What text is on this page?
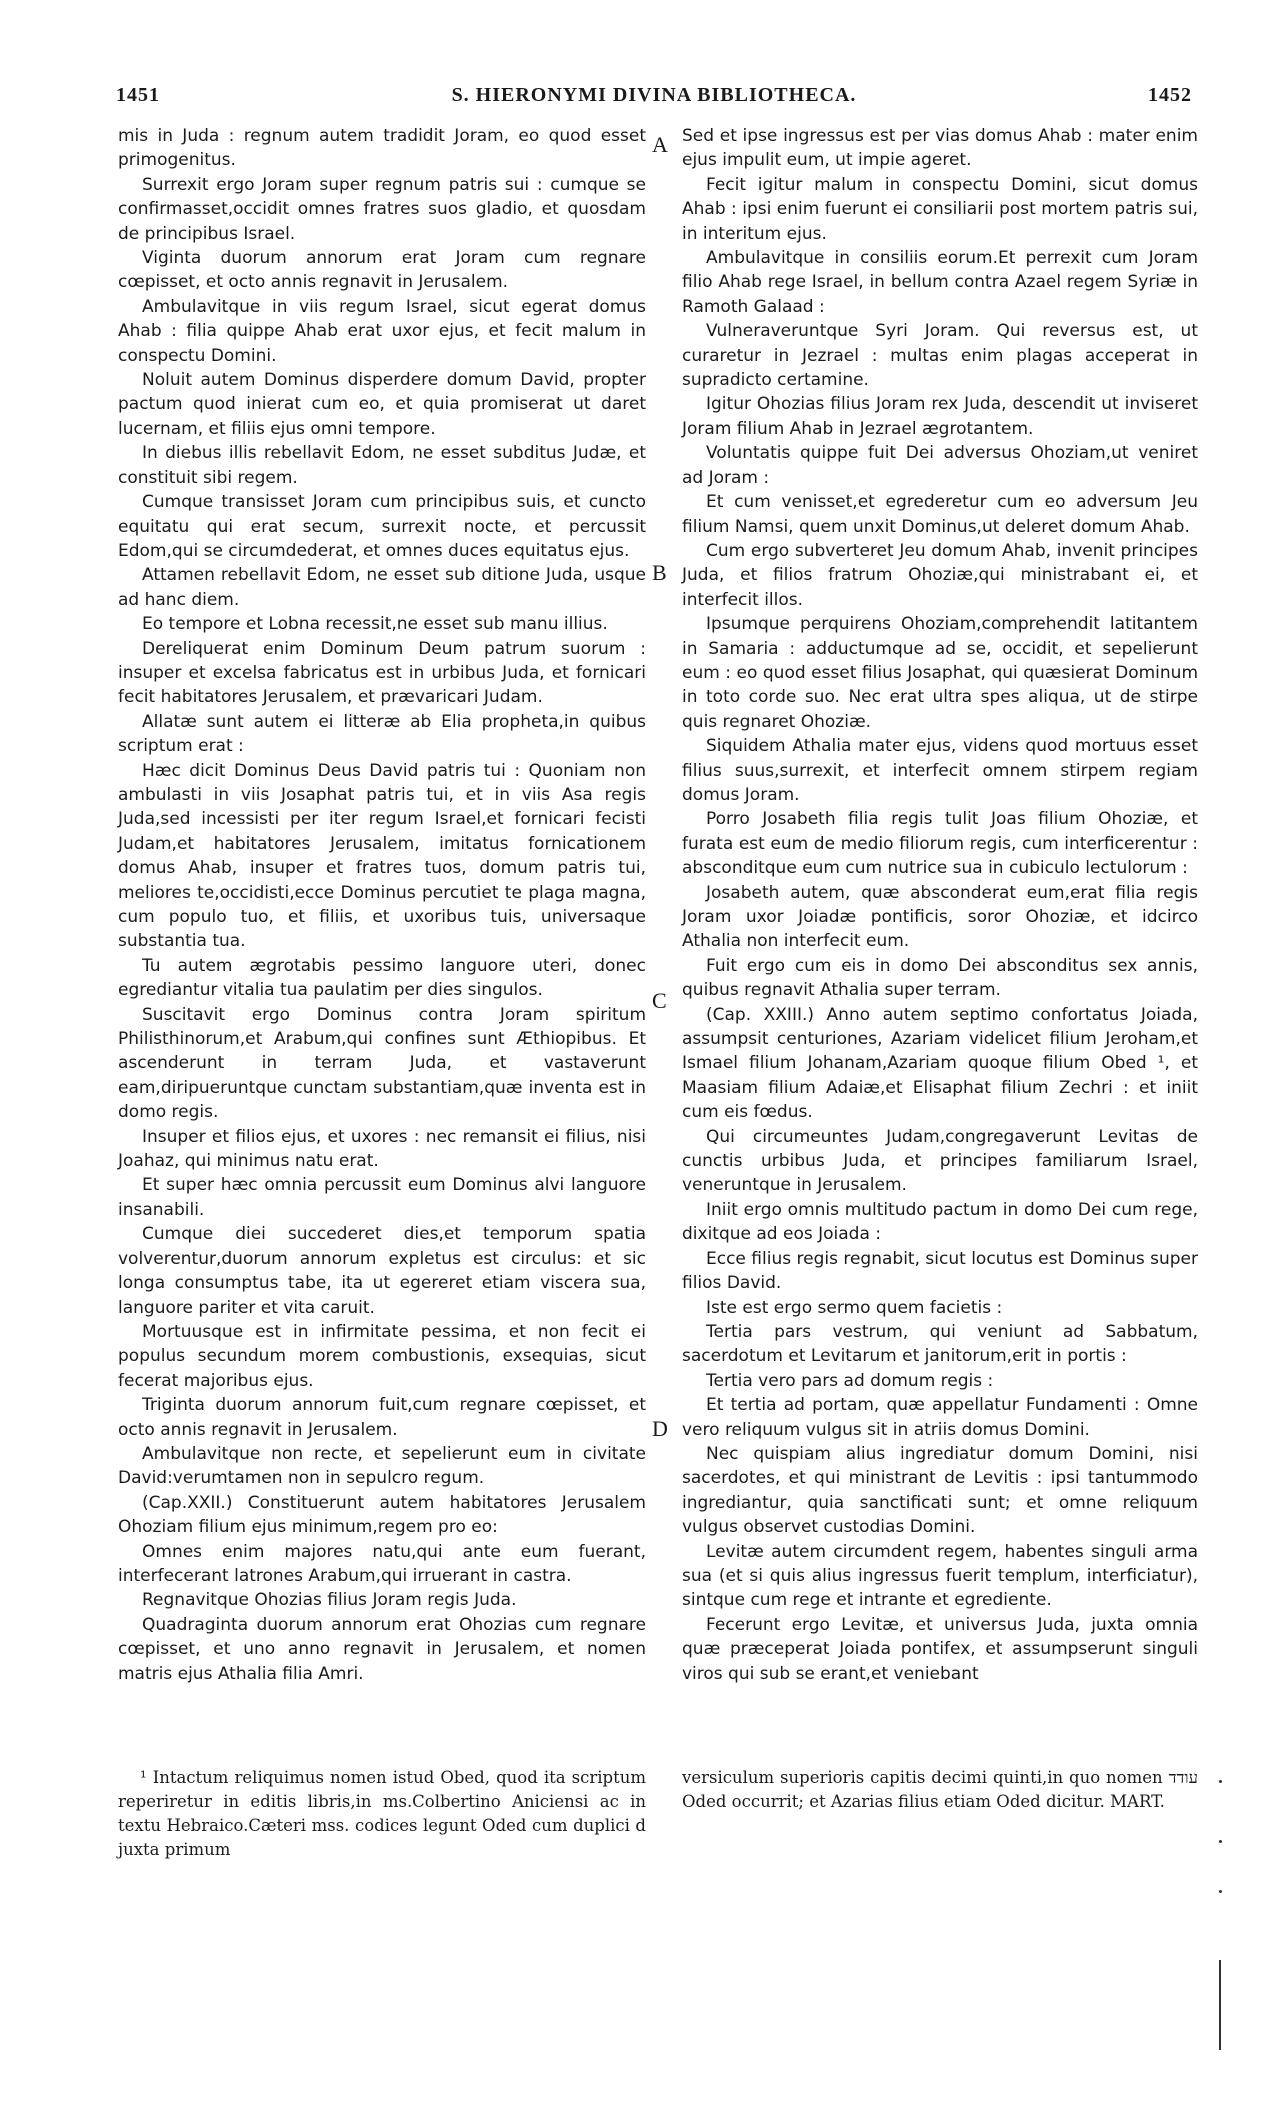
1451	S. HIERONYMI DIVINA BIBLIOTHECA.	1452

mis in Juda : regnum autem tradidit Joram, eo quod esset primogenitus.

Surrexit ergo Joram super regnum patris sui : cumque se confirmasset,occidit omnes fratres suos gladio, et quosdam de principibus Israel.

Viginta duorum annorum erat Joram cum regnare cœpisset, et octo annis regnavit in Jerusalem.

Ambulavitque in viis regum Israel, sicut egerat domus Ahab : filia quippe Ahab erat uxor ejus, et fecit malum in conspectu Domini.

Noluit autem Dominus disperdere domum David, propter pactum quod inierat cum eo, et quia promiserat ut daret lucernam, et filiis ejus omni tempore.

In diebus illis rebellavit Edom, ne esset subditus Judæ, et constituit sibi regem.

Cumque transisset Joram cum principibus suis, et cuncto equitatu qui erat secum, surrexit nocte, et percussit Edom,qui se circumdederat, et omnes duces equitatus ejus.

Attamen rebellavit Edom, ne esset sub ditione Juda, usque ad hanc diem.

Eo tempore et Lobna recessit,ne esset sub manu illius.

Dereliquerat enim Dominum Deum patrum suorum : insuper et excelsa fabricatus est in urbibus Juda, et fornicari fecit habitatores Jerusalem, et prævaricari Judam.

Allatæ sunt autem ei litteræ ab Elia propheta,in quibus scriptum erat :

Hæc dicit Dominus Deus David patris tui : Quoniam non ambulasti in viis Josaphat patris tui, et in viis Asa regis Juda,sed incessisti per iter regum Israel,et fornicari fecisti Judam,et habitatores Jerusalem, imitatus fornicationem domus Ahab, insuper et fratres tuos, domum patris tui, meliores te,occidisti,ecce Dominus percutiet te plaga magna, cum populo tuo, et filiis, et uxoribus tuis, universaque substantia tua.

Tu autem ægrotabis pessimo languore uteri, donec egrediantur vitalia tua paulatim per dies singulos.

Suscitavit ergo Dominus contra Joram spiritum Philisthinorum,et Arabum,qui confines sunt Æthiopibus. Et ascenderunt in terram Juda, et vastaverunt eam,diripueruntque cunctam substantiam,quæ inventa est in domo regis.

Insuper et filios ejus, et uxores : nec remansit ei filius, nisi Joahaz, qui minimus natu erat.

Et super hæc omnia percussit eum Dominus alvi languore insanabili.

Cumque diei succederet dies,et temporum spatia volverentur,duorum annorum expletus est circulus: et sic longa consumptus tabe, ita ut egereret etiam viscera sua, languore pariter et vita caruit.

Mortuusque est in infirmitate pessima, et non fecit ei populus secundum morem combustionis, exsequias, sicut fecerat majoribus ejus.

Triginta duorum annorum fuit,cum regnare cœpisset, et octo annis regnavit in Jerusalem.

Ambulavitque non recte, et sepelierunt eum in civitate David:verumtamen non in sepulcro regum.

(Cap.XXII.) Constituerunt autem habitatores Jerusalem Ohoziam filium ejus minimum,regem pro eo:

Omnes enim majores natu,qui ante eum fuerant, interfecerant latrones Arabum,qui irruerant in castra.

Regnavitque Ohozias filius Joram regis Juda.

Quadraginta duorum annorum erat Ohozias cum regnare cœpisset, et uno anno regnavit in Jerusalem, et nomen matris ejus Athalia filia Amri.

A
B
C
D

Sed et ipse ingressus est per vias domus Ahab : mater enim ejus impulit eum, ut impie ageret.

Fecit igitur malum in conspectu Domini, sicut domus Ahab : ipsi enim fuerunt ei consiliarii post mortem patris sui, in interitum ejus.

Ambulavitque in consiliis eorum.Et perrexit cum Joram filio Ahab rege Israel, in bellum contra Azael regem Syriæ in Ramoth Galaad :

Vulneraveruntque Syri Joram. Qui reversus est, ut curaretur in Jezrael : multas enim plagas acceperat in supradicto certamine.

Igitur Ohozias filius Joram rex Juda, descendit ut inviseret Joram filium Ahab in Jezrael ægrotantem.

Voluntatis quippe fuit Dei adversus Ohoziam,ut veniret ad Joram :

Et cum venisset,et egrederetur cum eo adversum Jeu filium Namsi, quem unxit Dominus,ut deleret domum Ahab.

Cum ergo subverteret Jeu domum Ahab, invenit principes Juda, et filios fratrum Ohoziæ,qui ministrabant ei, et interfecit illos.

Ipsumque perquirens Ohoziam,comprehendit latitantem in Samaria : adductumque ad se, occidit, et sepelierunt eum : eo quod esset filius Josaphat, qui quæsierat Dominum in toto corde suo. Nec erat ultra spes aliqua, ut de stirpe quis regnaret Ohoziæ.

Siquidem Athalia mater ejus, videns quod mortuus esset filius suus,surrexit, et interfecit omnem stirpem regiam domus Joram.

Porro Josabeth filia regis tulit Joas filium Ohoziæ, et furata est eum de medio filiorum regis, cum interficerentur : absconditque eum cum nutrice sua in cubiculo lectulorum :

Josabeth autem, quæ absconderat eum,erat filia regis Joram uxor Joiadæ pontificis, soror Ohoziæ, et idcirco Athalia non interfecit eum.

Fuit ergo cum eis in domo Dei absconditus sex annis, quibus regnavit Athalia super terram.

(Cap. XXIII.) Anno autem septimo confortatus Joiada, assumpsit centuriones, Azariam videlicet filium Jeroham,et Ismael filium Johanam,Azariam quoque filium Obed ¹, et Maasiam filium Adaiæ,et Elisaphat filium Zechri : et iniit cum eis fœdus.

Qui circumeuntes Judam,congregaverunt Levitas de cunctis urbibus Juda, et principes familiarum Israel, veneruntque in Jerusalem.

Iniit ergo omnis multitudo pactum in domo Dei cum rege, dixitque ad eos Joiada :

Ecce filius regis regnabit, sicut locutus est Dominus super filios David.

Iste est ergo sermo quem facietis :

Tertia pars vestrum, qui veniunt ad Sabbatum, sacerdotum et Levitarum et janitorum,erit in portis :

Tertia vero pars ad domum regis :

Et tertia ad portam, quæ appellatur Fundamenti : Omne vero reliquum vulgus sit in atriis domus Domini.

Nec quispiam alius ingrediatur domum Domini, nisi sacerdotes, et qui ministrant de Levitis : ipsi tantummodo ingrediantur, quia sanctificati sunt; et omne reliquum vulgus observet custodias Domini.

Levitæ autem circumdent regem, habentes singuli arma sua (et si quis alius ingressus fuerit templum, interficiatur), sintque cum rege et intrante et egrediente.

Fecerunt ergo Levitæ, et universus Juda, juxta omnia quæ præceperat Joiada pontifex, et assumpserunt singuli viros qui sub se erant,et veniebant

¹ Intactum reliquimus nomen istud Obed, quod ita scriptum reperiretur in editis libris,in ms.Colbertino Aniciensi ac in textu Hebraico.Cæteri mss. codices legunt Oded cum duplici d juxta primum
versiculum superioris capitis decimi quinti,in quo nomen עודד Oded occurrit; et Azarias filius etiam Oded dicitur. MART.
